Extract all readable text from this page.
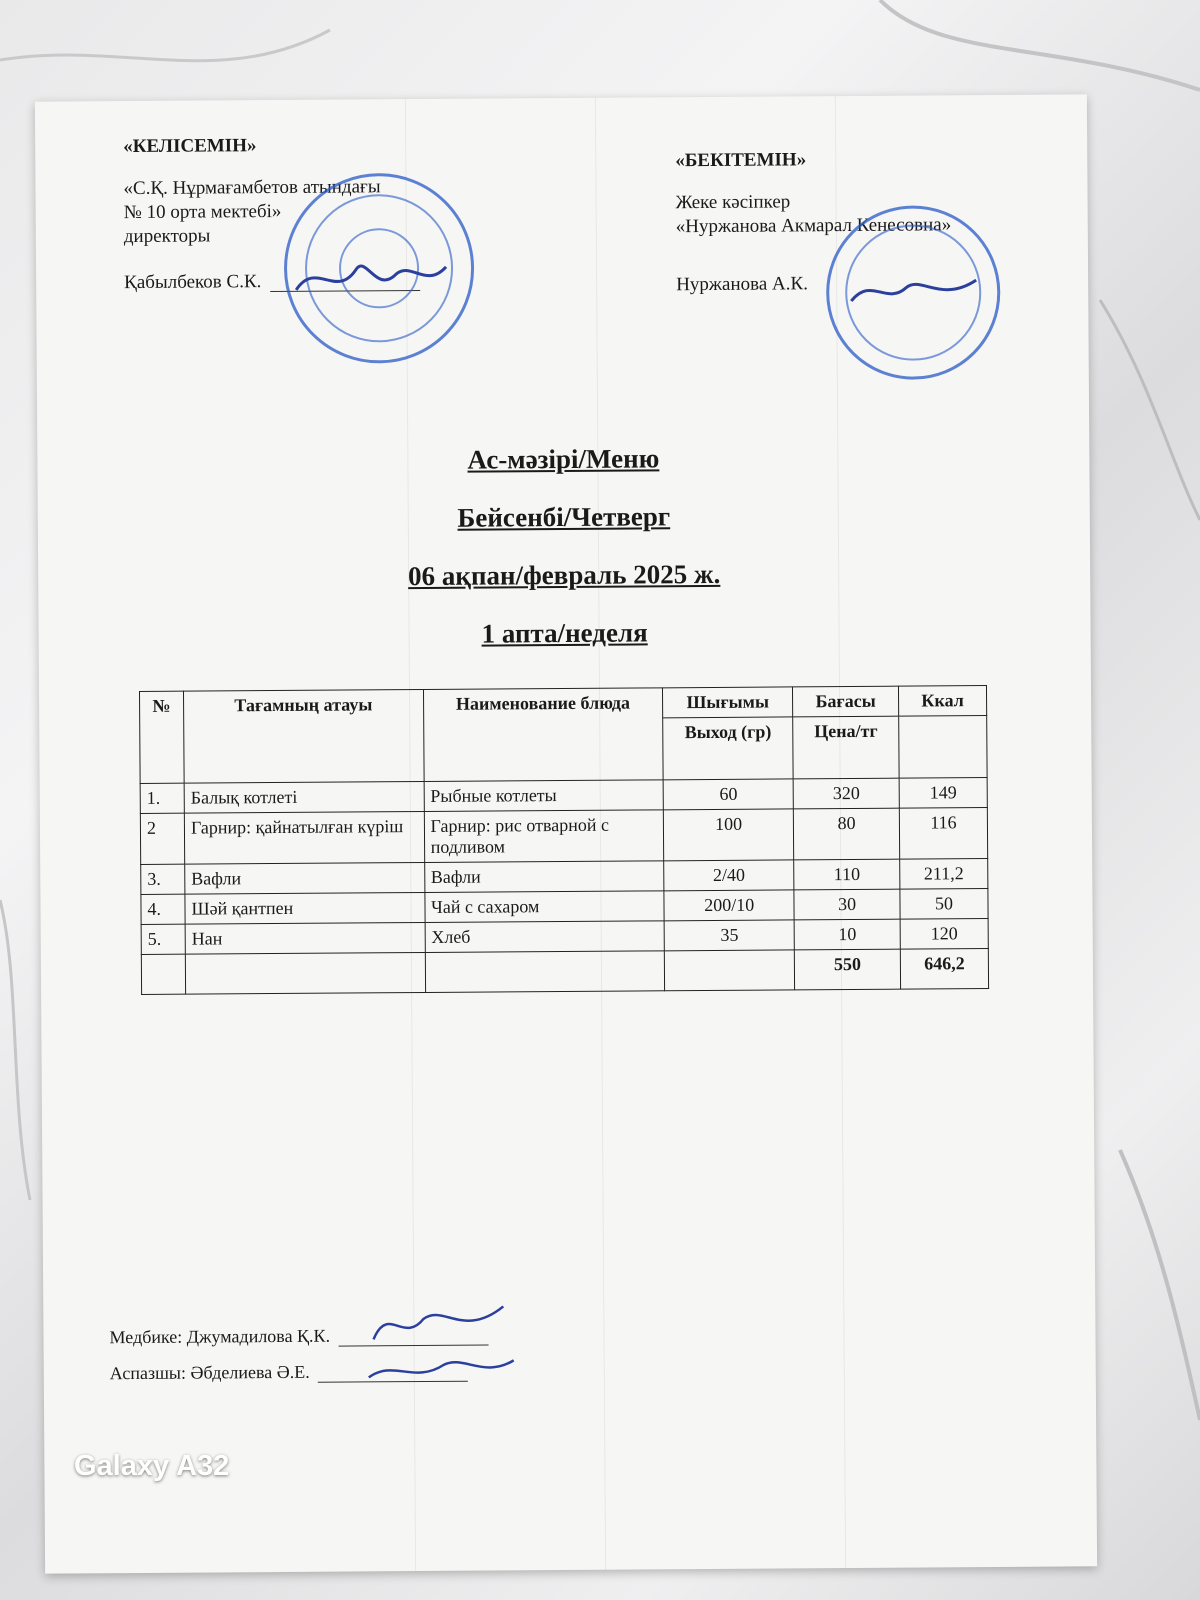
«КЕЛІСЕМІН»
«С.Қ. Нұрмағамбетов атындағы
№ 10 орта мектебі»
директоры
Қабылбеков С.К.
«БЕКІТЕМІН»
Жеке кәсіпкер
«Нуржанова Акмарал Кенесовна»
Нуржанова А.К.
Ас-мәзірі/Меню
Бейсенбі/Четверг
06 ақпан/февраль 2025 ж.
1 апта/неделя
№	Тағамның атауы	Наименование блюда	Шығымы	Бағасы	Ккал
			Выход (гр)	Цена/тг	
1.	Балық котлеті	Рыбные котлеты	60	320	149
2	Гарнир: қайнатылған күріш	Гарнир: рис отварной с подливом	100	80	116
3.	Вафли	Вафли	2/40	110	211,2
4.	Шәй қантпен	Чай с сахаром	200/10	30	50
5.	Нан	Хлеб	35	10	120
				550	646,2
Медбике: Джумадилова Қ.К.
Аспазшы: Әбделиева Ә.Е.
Galaxy A32
